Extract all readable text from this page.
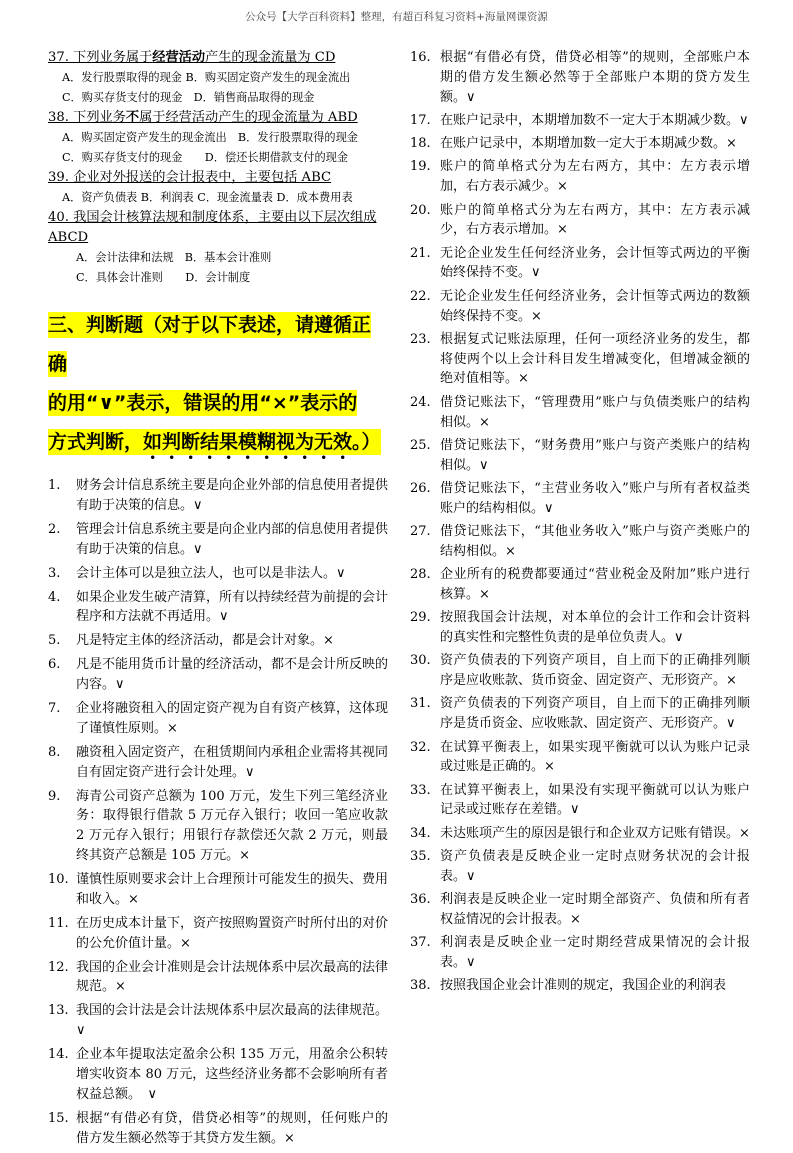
公众号【大学百科资料】整理，有超百科复习资料+海量网课资源
37. 下列业务属于经营活动产生的现金流量为 CD
A．发行股票取得的现金 B．购买固定资产发生的现金流出
C．购买存货支付的现金　D．销售商品取得的现金
38. 下列业务不属于经营活动产生的现金流量为 ABD
A．购买固定资产发生的现金流出　B．发行股票取得的现金
C．购买存货支付的现金　　D．偿还长期借款支付的现金
39. 企业对外报送的会计报表中，主要包括 ABC
A．资产负债表 B．利润表 C．现金流量表 D．成本费用表
40. 我国会计核算法规和制度体系，主要由以下层次组成 ABCD
A．会计法律和法规　B．基本会计准则
C．具体会计准则　　D．会计制度
三、判断题（对于以下表述，请遵循正确
的用“∨”表示，错误的用“×”表示的
方式判断，如判断结果模糊视为无效。）
1.	财务会计信息系统主要是向企业外部的信息使用者提供有助于决策的信息。∨
2.	管理会计信息系统主要是向企业内部的信息使用者提供有助于决策的信息。∨
3.	会计主体可以是独立法人，也可以是非法人。∨
4.	如果企业发生破产清算，所有以持续经营为前提的会计程序和方法就不再适用。∨
5.	凡是特定主体的经济活动，都是会计对象。×
6.	凡是不能用货币计量的经济活动，都不是会计所反映的内容。∨
7.	企业将融资租入的固定资产视为自有资产核算，这体现了谨慎性原则。×
8.	融资租入固定资产，在租赁期间内承租企业需将其视同自有固定资产进行会计处理。∨
9.	海青公司资产总额为 100 万元，发生下列三笔经济业务：取得银行借款 5 万元存入银行；收回一笔应收款 2 万元存入银行；用银行存款偿还欠款 2 万元，则最终其资产总额是 105 万元。×
10. 谨慎性原则要求会计上合理预计可能发生的损失、费用和收入。×
11. 在历史成本计量下，资产按照购置资产时所付出的对价的公允价值计量。×
12. 我国的企业会计准则是会计法规体系中层次最高的法律规范。×
13. 我国的会计法是会计法规体系中层次最高的法律规范。∨
14. 企业本年提取法定盈余公积 135 万元，用盈余公积转增实收资本 80 万元，这些经济业务都不会影响所有者权益总额。　∨
15. 根据“有借必有贷，借贷必相等”的规则，任何账户的借方发生额必然等于其贷方发生额。×
16. 根据“有借必有贷，借贷必相等”的规则，全部账户本期的借方发生额必然等于全部账户本期的贷方发生额。∨
17. 在账户记录中，本期增加数不一定大于本期减少数。∨
18. 在账户记录中，本期增加数一定大于本期减少数。×
19. 账户的简单格式分为左右两方，其中：左方表示增加，右方表示减少。×
20. 账户的简单格式分为左右两方，其中：左方表示减少，右方表示增加。×
21. 无论企业发生任何经济业务，会计恒等式两边的平衡始终保持不变。∨
22. 无论企业发生任何经济业务，会计恒等式两边的数额始终保持不变。×
23. 根据复式记账法原理，任何一项经济业务的发生，都将使两个以上会计科目发生增减变化，但增减金额的绝对值相等。×
24. 借贷记账法下，“管理费用”账户与负债类账户的结构相似。×
25. 借贷记账法下，“财务费用”账户与资产类账户的结构相似。∨
26. 借贷记账法下，“主营业务收入”账户与所有者权益类账户的结构相似。∨
27. 借贷记账法下，“其他业务收入”账户与资产类账户的结构相似。×
28. 企业所有的税费都要通过“营业税金及附加”账户进行核算。×
29. 按照我国会计法规，对本单位的会计工作和会计资料的真实性和完整性负责的是单位负责人。∨
30. 资产负债表的下列资产项目，自上而下的正确排列顺序是应收账款、货币资金、固定资产、无形资产。×
31. 资产负债表的下列资产项目，自上而下的正确排列顺序是货币资金、应收账款、固定资产、无形资产。∨
32. 在试算平衡表上，如果实现平衡就可以认为账户记录或过账是正确的。×
33. 在试算平衡表上，如果没有实现平衡就可以认为账户记录或过账存在差错。∨
34. 未达账项产生的原因是银行和企业双方记账有错误。×
35. 资产负债表是反映企业一定时点财务状况的会计报表。∨
36. 利润表是反映企业一定时期全部资产、负债和所有者权益情况的会计报表。×
37. 利润表是反映企业一定时期经营成果情况的会计报表。∨
38. 按照我国企业会计准则的规定，我国企业的利润表
